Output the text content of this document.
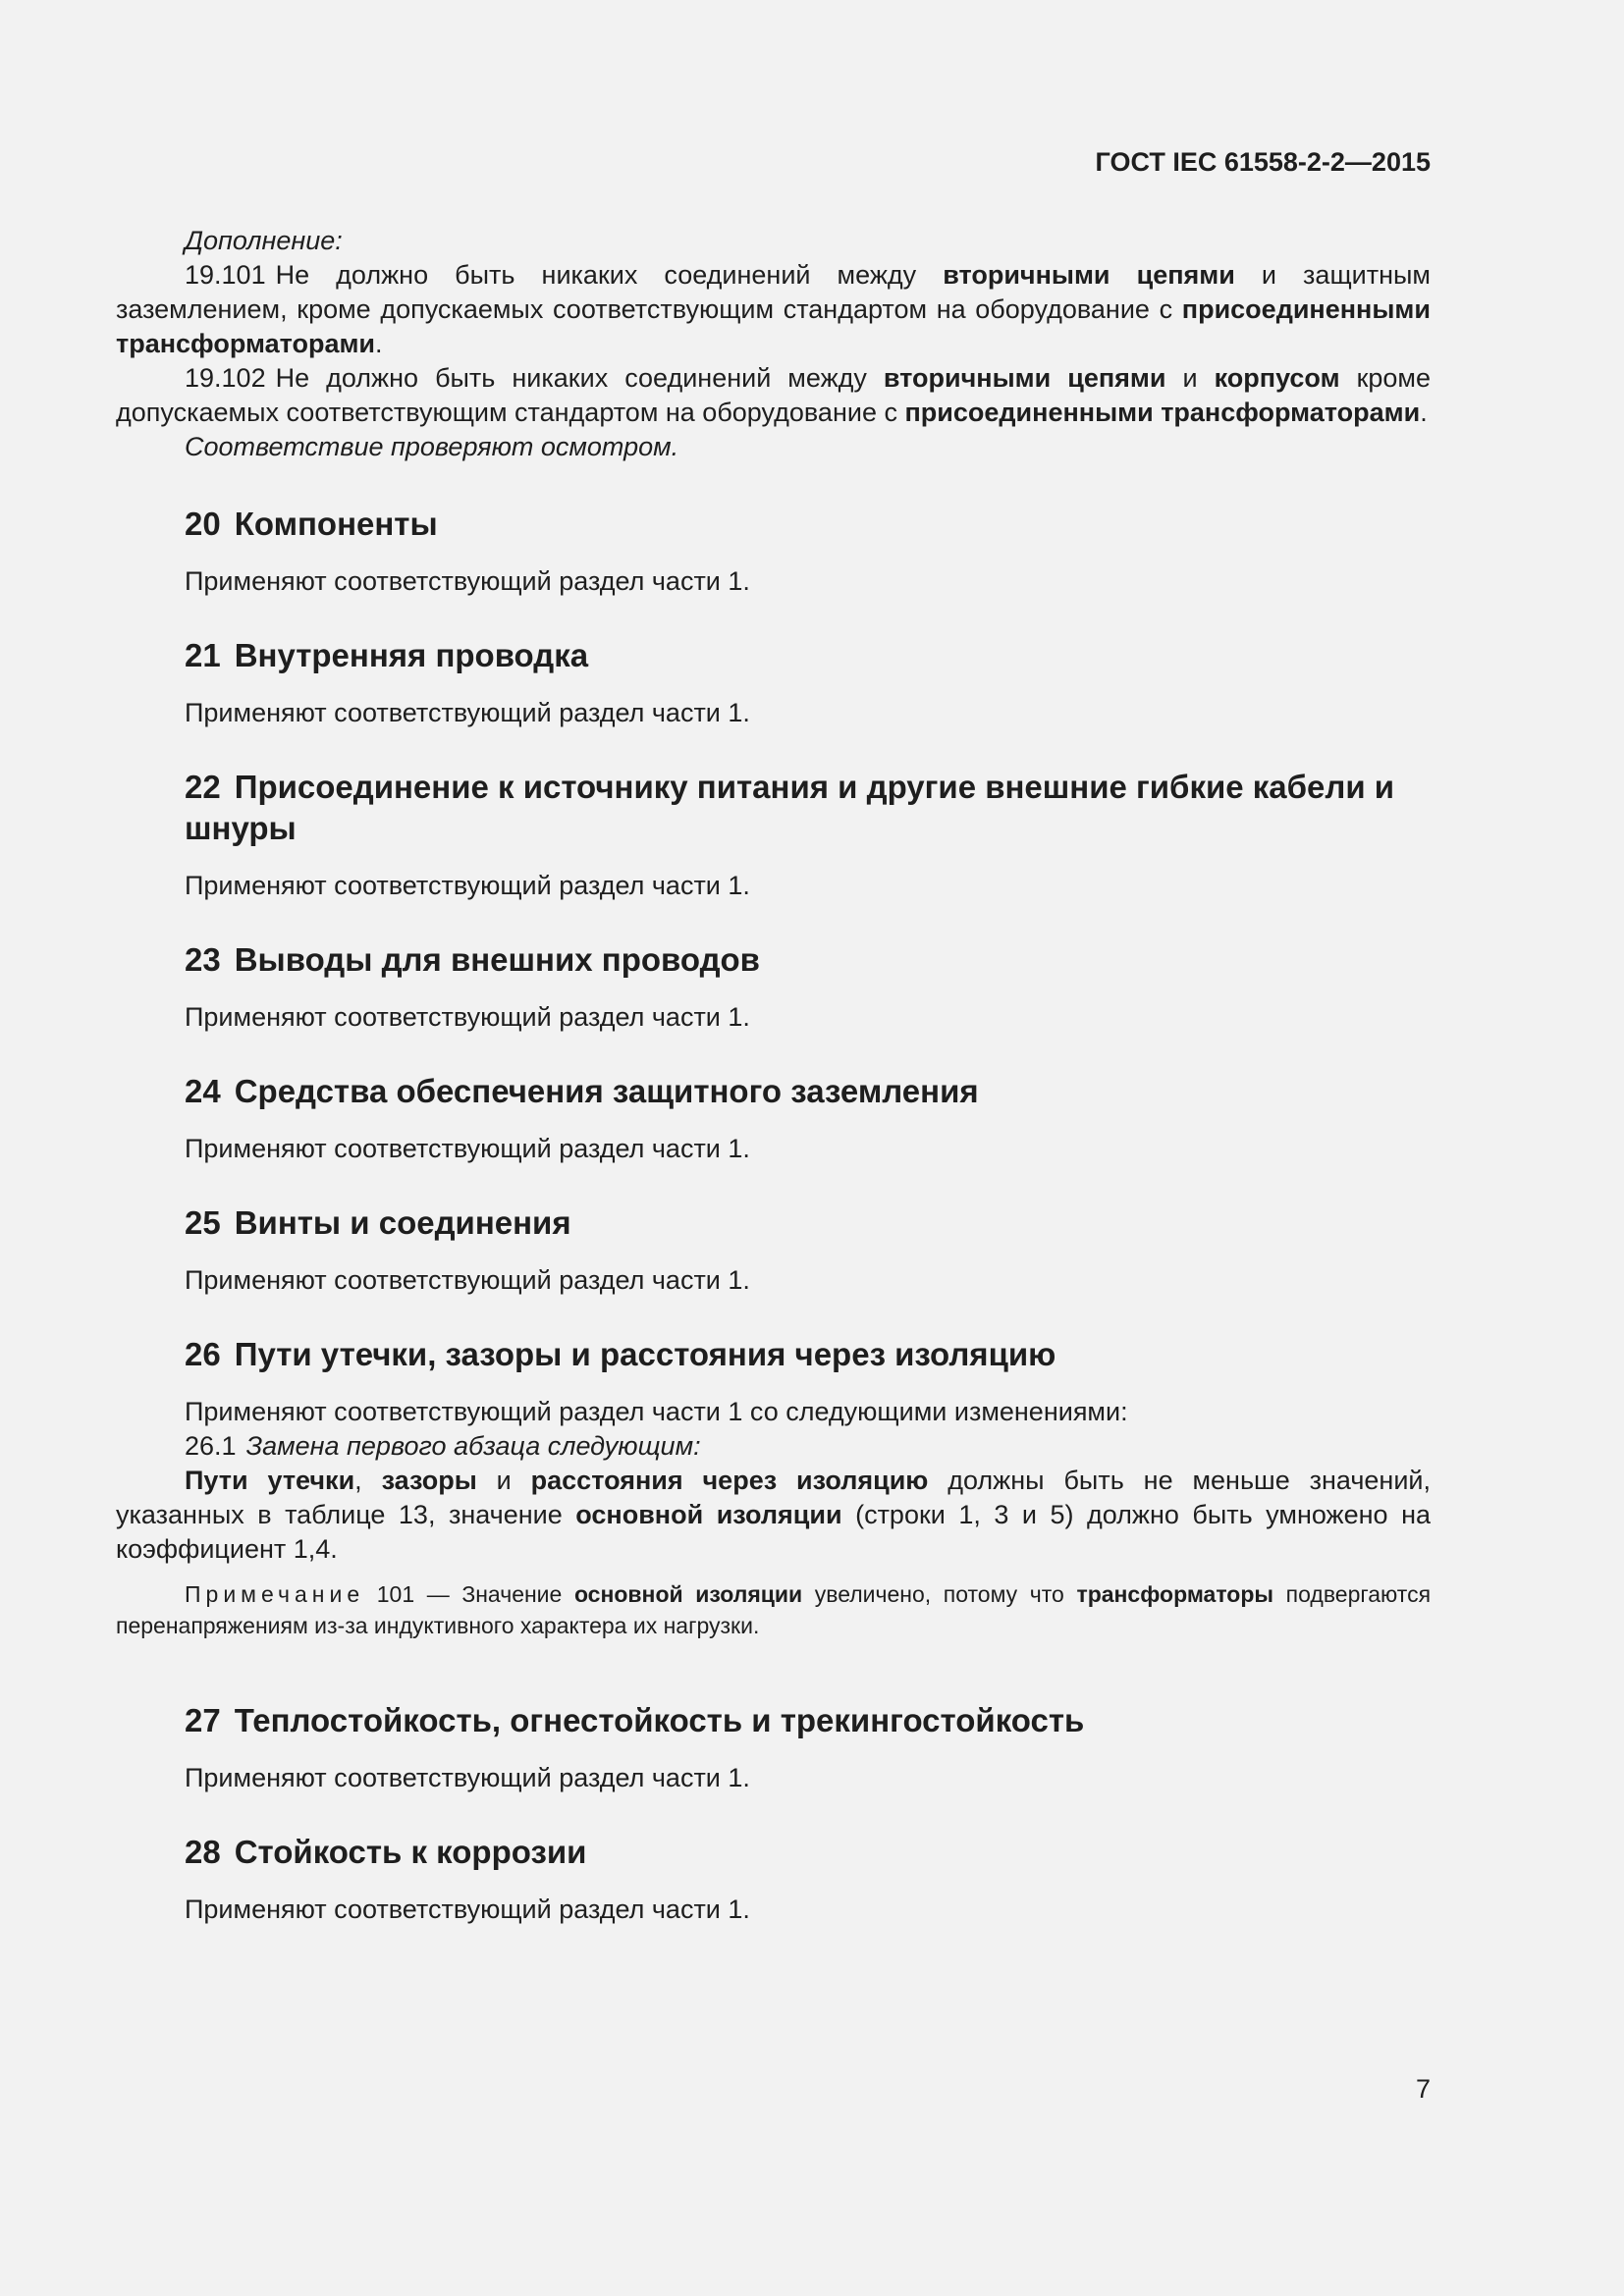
ГОСТ IEC 61558-2-2—2015

Дополнение:

19.101 Не должно быть никаких соединений между вторичными цепями и защитным заземлением, кроме допускаемых соответствующим стандартом на оборудование с присоединенными трансформаторами.

19.102 Не должно быть никаких соединений между вторичными цепями и корпусом кроме допускаемых соответствующим стандартом на оборудование с присоединенными трансформаторами.

Соответствие проверяют осмотром.

20 Компоненты

Применяют соответствующий раздел части 1.

21 Внутренняя проводка

Применяют соответствующий раздел части 1.

22 Присоединение к источнику питания и другие внешние гибкие кабели и шнуры

Применяют соответствующий раздел части 1.

23 Выводы для внешних проводов

Применяют соответствующий раздел части 1.

24 Средства обеспечения защитного заземления

Применяют соответствующий раздел части 1.

25 Винты и соединения

Применяют соответствующий раздел части 1.

26 Пути утечки, зазоры и расстояния через изоляцию

Применяют соответствующий раздел части 1 со следующими изменениями:

26.1 Замена первого абзаца следующим:

Пути утечки, зазоры и расстояния через изоляцию должны быть не меньше значений, указанных в таблице 13, значение основной изоляции (строки 1, 3 и 5) должно быть умножено на коэффициент 1,4.

Примечание 101 — Значение основной изоляции увеличено, потому что трансформаторы подвергаются перенапряжениям из-за индуктивного характера их нагрузки.

27 Теплостойкость, огнестойкость и трекингостойкость

Применяют соответствующий раздел части 1.

28 Стойкость к коррозии

Применяют соответствующий раздел части 1.

7
